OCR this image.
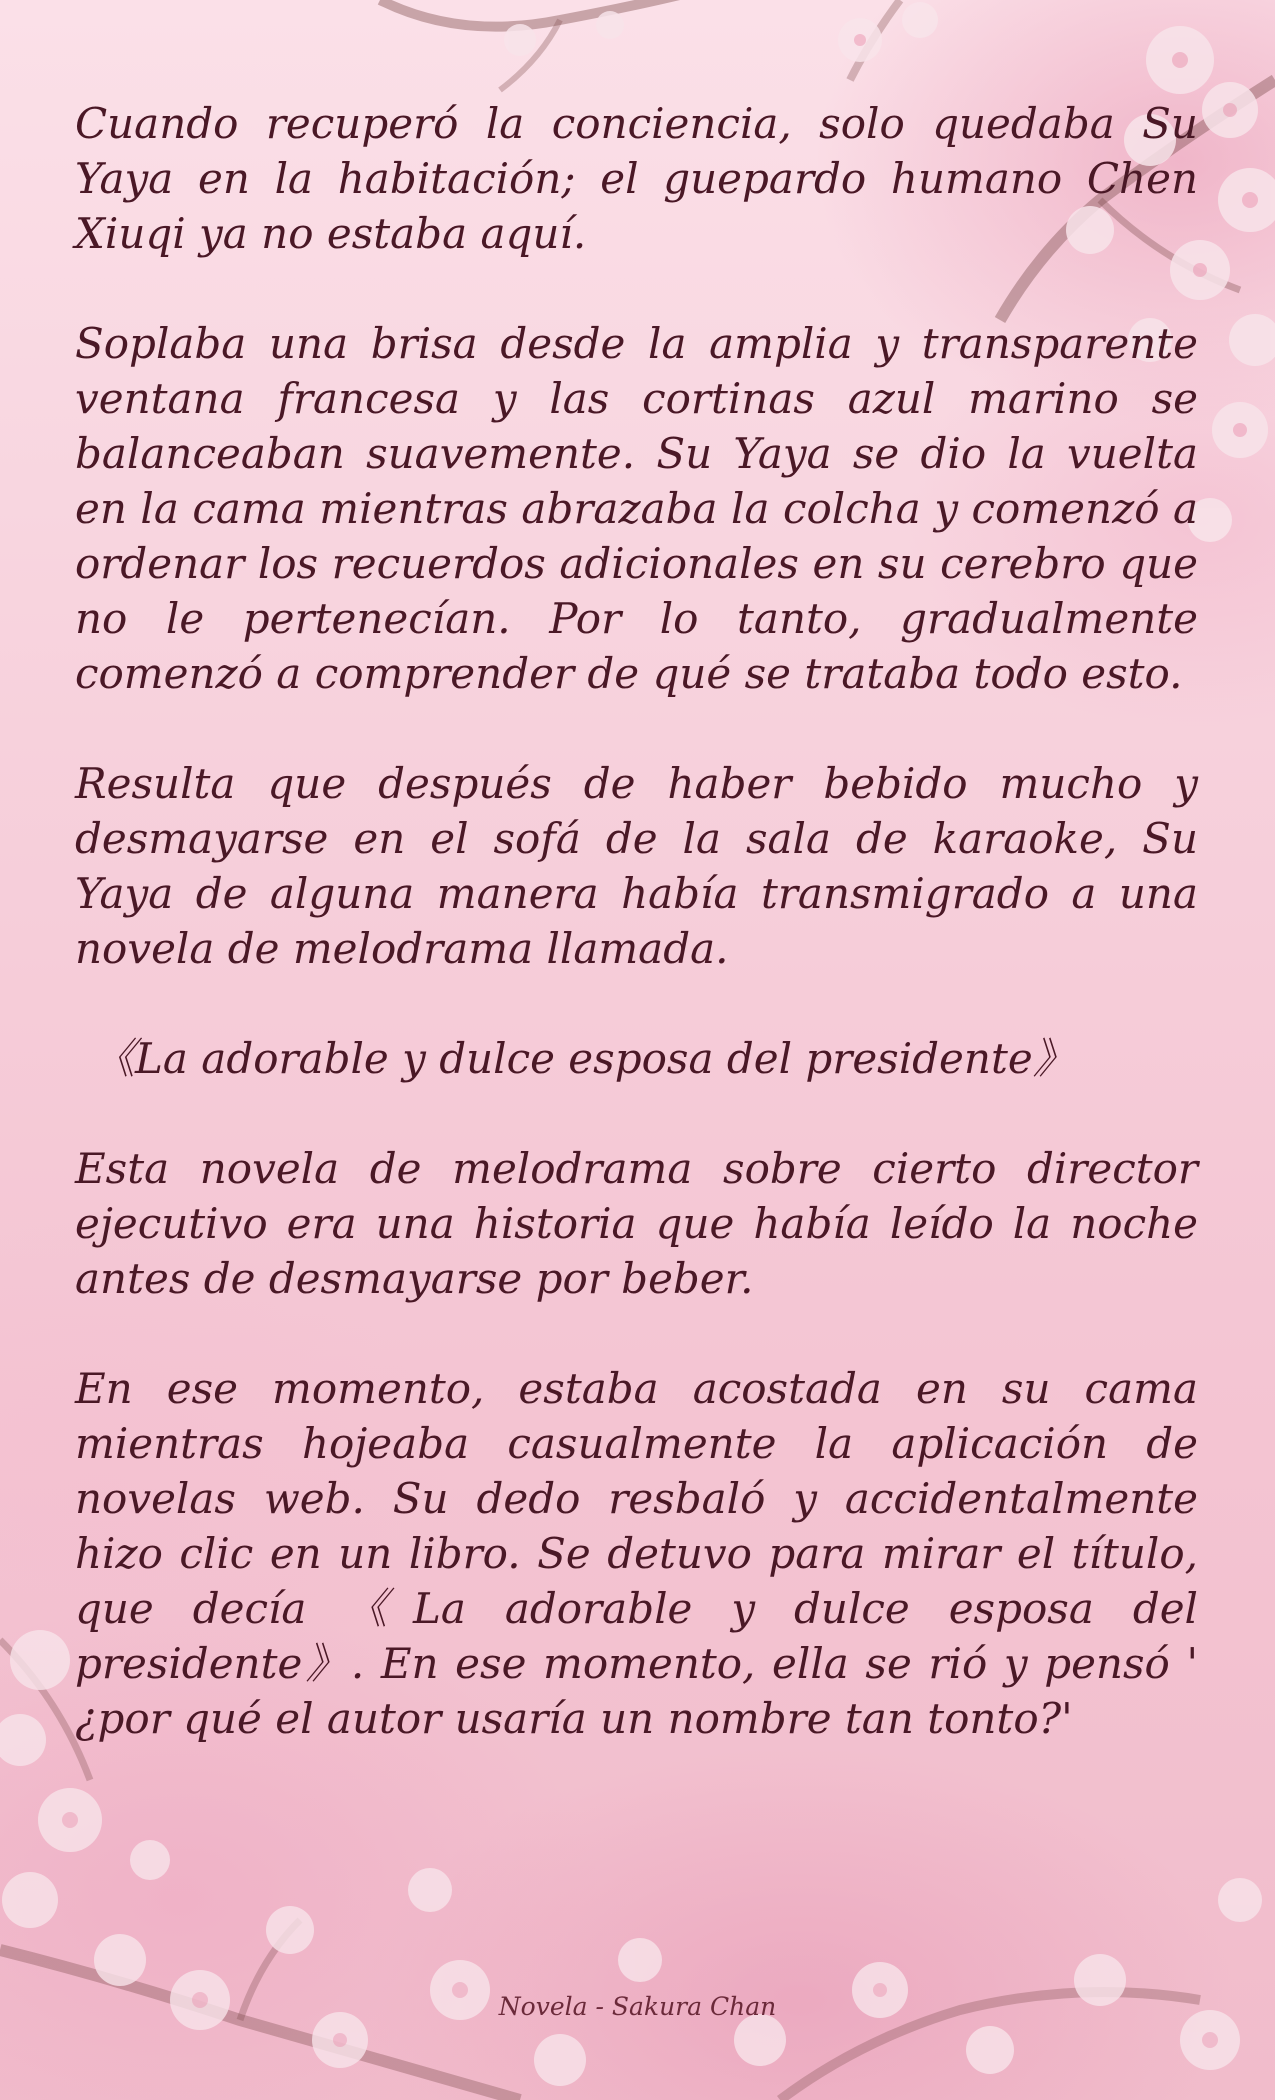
Cuando recuperó la conciencia, solo quedaba Su Yaya en la habitación; el guepardo humano Chen Xiuqi ya no estaba aquí.

Soplaba una brisa desde la amplia y transparente ventana francesa y las cortinas azul marino se balanceaban suavemente. Su Yaya se dio la vuelta en la cama mientras abrazaba la colcha y comenzó a ordenar los recuerdos adicionales en su cerebro que no le pertenecían. Por lo tanto, gradualmente comenzó a comprender de qué se trataba todo esto.

Resulta que después de haber bebido mucho y desmayarse en el sofá de la sala de karaoke, Su Yaya de alguna manera había transmigrado a una novela de melodrama llamada.

《La adorable y dulce esposa del presidente》

Esta novela de melodrama sobre cierto director ejecutivo era una historia que había leído la noche antes de desmayarse por beber.

En ese momento, estaba acostada en su cama mientras hojeaba casualmente la aplicación de novelas web. Su dedo resbaló y accidentalmente hizo clic en un libro. Se detuvo para mirar el título, que decía 《La adorable y dulce esposa del presidente》. En ese momento, ella se rió y pensó ' ¿por qué el autor usaría un nombre tan tonto?'

Novela - Sakura Chan
